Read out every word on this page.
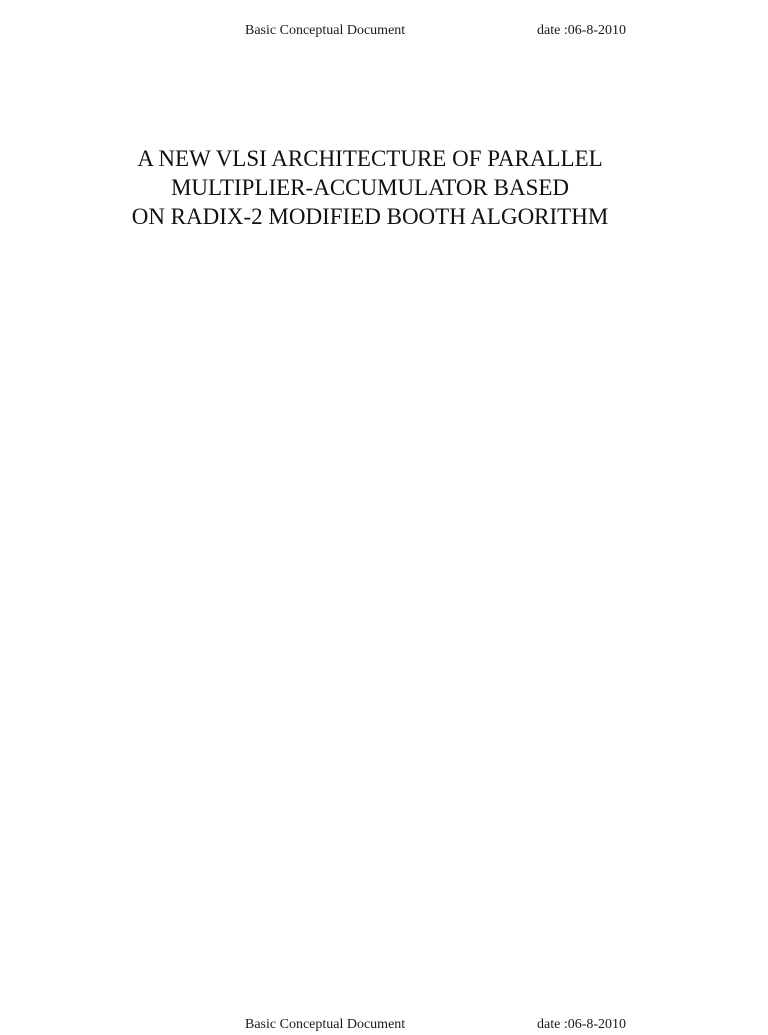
Basic Conceptual Document	date :06-8-2010
A NEW VLSI ARCHITECTURE OF PARALLEL
MULTIPLIER-ACCUMULATOR BASED
ON RADIX-2 MODIFIED BOOTH ALGORITHM
Basic Conceptual Document	date :06-8-2010
